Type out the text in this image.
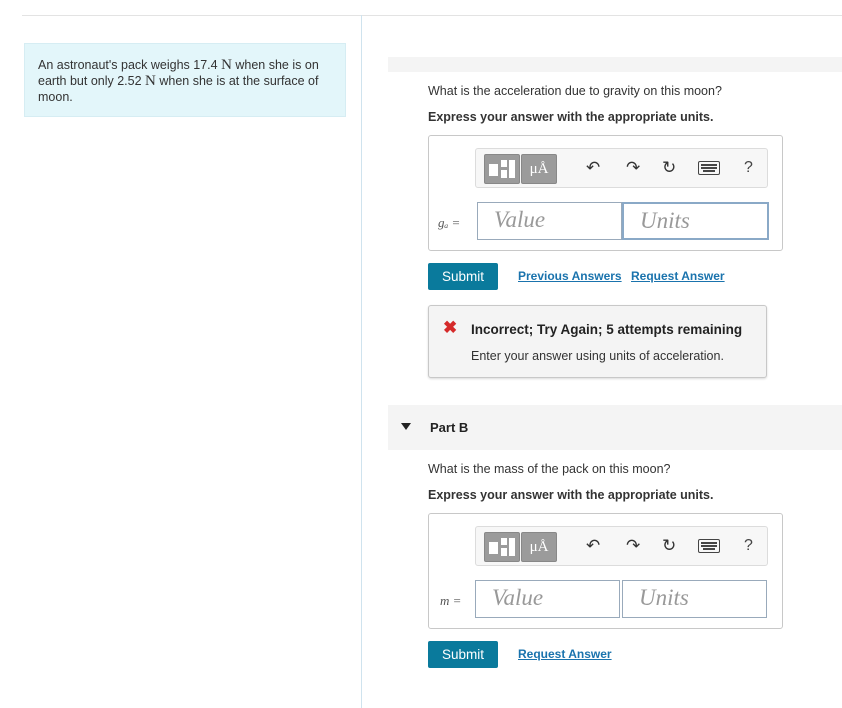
An astronaut's pack weighs 17.4 N when she is on earth but only 2.52 N when she is at the surface of moon.	What is the acceleration due to gravity on this moon?
Express your answer with the appropriate units.
μÅ	↶ ↷ ↻	?
gₐ =	Value	Units
Submit	Previous Answers Request Answer
✖ Incorrect; Try Again; 5 attempts remaining
Enter your answer using units of acceleration.
Part B
What is the mass of the pack on this moon?
Express your answer with the appropriate units.
μÅ	↶ ↷ ↻	?
m =	Value	Units
Submit	Request Answer
